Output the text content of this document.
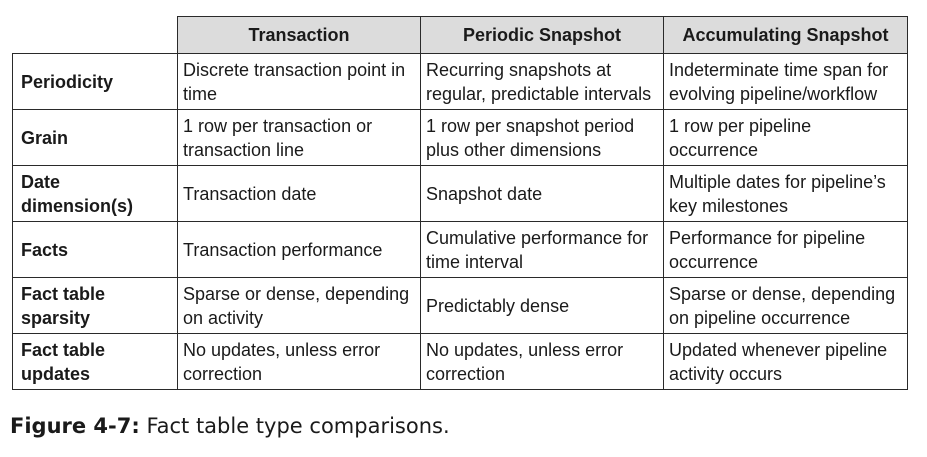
	Transaction	Periodic Snapshot	Accumulating Snapshot
Periodicity	Discrete transaction point in time	Recurring snapshots at regular, predictable intervals	Indeterminate time span for evolving pipeline/workflow
Grain	1 row per transaction or transaction line	1 row per snapshot period plus other dimensions	1 row per pipeline occurrence
Date dimension(s)	Transaction date	Snapshot date	Multiple dates for pipeline’s key milestones
Facts	Transaction performance	Cumulative performance for time interval	Performance for pipeline occurrence
Fact table sparsity	Sparse or dense, depending on activity	Predictably dense	Sparse or dense, depending on pipeline occurrence
Fact table updates	No updates, unless error correction	No updates, unless error correction	Updated whenever pipeline activity occurs
Figure 4-7: Fact table type comparisons.
